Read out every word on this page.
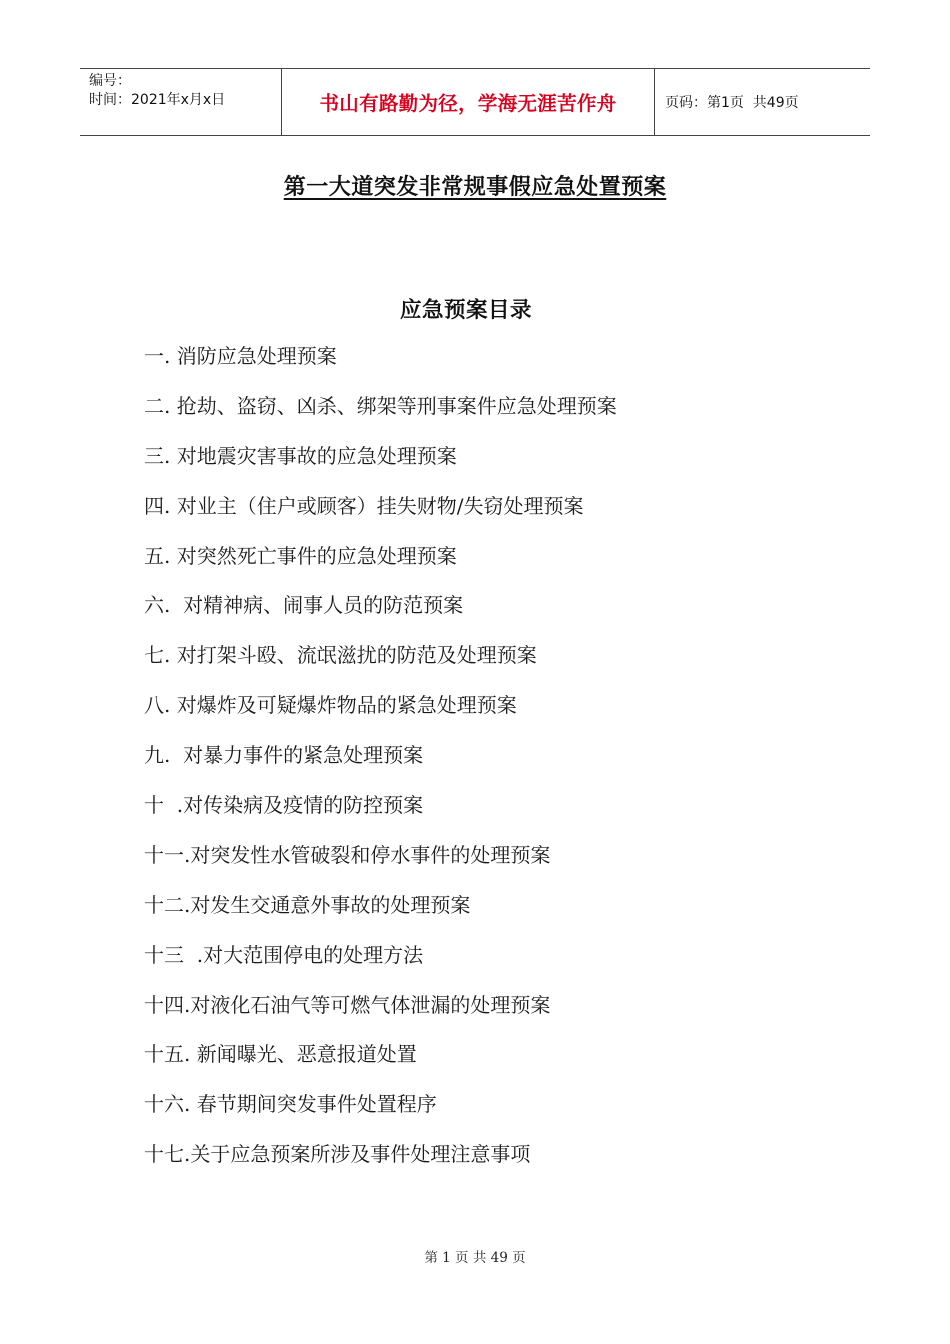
编号：
时间：2021年x月x日	书山有路勤为径，学海无涯苦作舟	页码：第1页  共49页
第一大道突发非常规事假应急处置预案
应急预案目录
一. 消防应急处理预案
二. 抢劫、盗窃、凶杀、绑架等刑事案件应急处理预案
三. 对地震灾害事故的应急处理预案
四. 对业主（住户或顾客）挂失财物/失窃处理预案
五. 对突然死亡事件的应急处理预案
六.  对精神病、闹事人员的防范预案
七. 对打架斗殴、流氓滋扰的防范及处理预案
八. 对爆炸及可疑爆炸物品的紧急处理预案
九.  对暴力事件的紧急处理预案
十  .对传染病及疫情的防控预案
十一.对突发性水管破裂和停水事件的处理预案
十二.对发生交通意外事故的处理预案
十三  .对大范围停电的处理方法
十四.对液化石油气等可燃气体泄漏的处理预案
十五. 新闻曝光、恶意报道处置
十六. 春节期间突发事件处置程序
十七.关于应急预案所涉及事件处理注意事项
第 1 页 共 49 页
